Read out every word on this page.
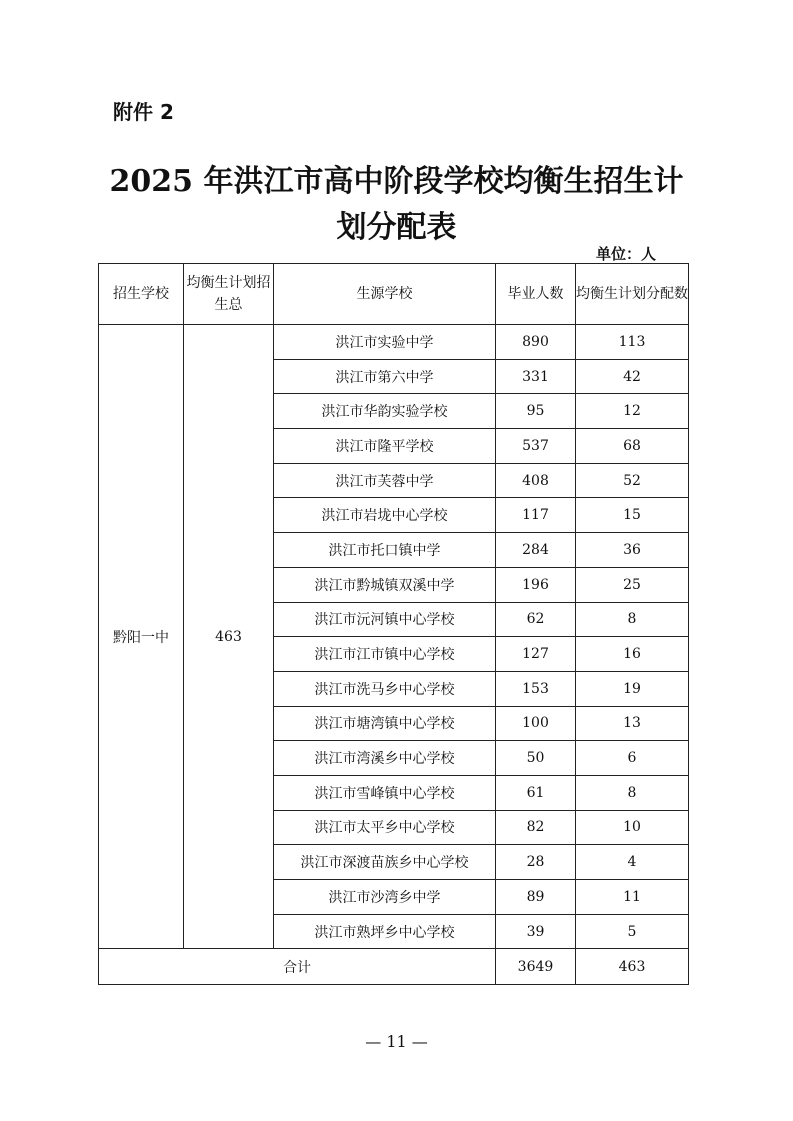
附件 2
2025 年洪江市高中阶段学校均衡生招生计
划分配表
单位：人
招生学校	均衡生计划招生总	生源学校	毕业人数	均衡生计划分配数
黔阳一中	463	洪江市实验中学	890	113
		洪江市第六中学	331	42
		洪江市华韵实验学校	95	12
		洪江市隆平学校	537	68
		洪江市芙蓉中学	408	52
		洪江市岩垅中心学校	117	15
		洪江市托口镇中学	284	36
		洪江市黔城镇双溪中学	196	25
		洪江市沅河镇中心学校	62	8
		洪江市江市镇中心学校	127	16
		洪江市洗马乡中心学校	153	19
		洪江市塘湾镇中心学校	100	13
		洪江市湾溪乡中心学校	50	6
		洪江市雪峰镇中心学校	61	8
		洪江市太平乡中心学校	82	10
		洪江市深渡苗族乡中心学校	28	4
		洪江市沙湾乡中学	89	11
		洪江市熟坪乡中心学校	39	5
合计			3649	463
— 11 —
